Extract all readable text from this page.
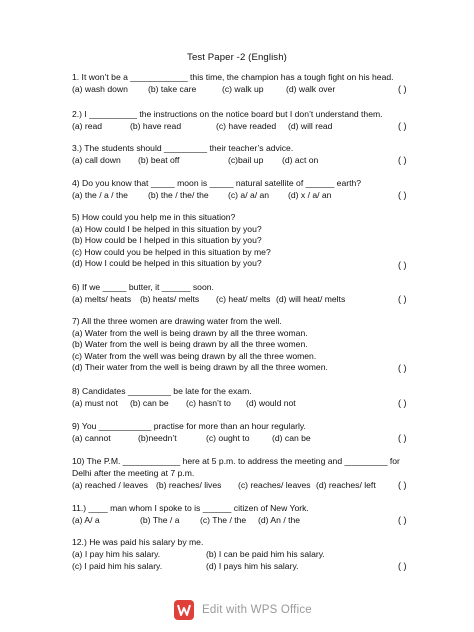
Test Paper -2 (English)
1. It won’t be a ____________ this time, the champion has a tough fight on his head.
(a) wash down (b) take care	(c) walk up	(d) walk over
2.) I __________ the instructions on the notice board but I don’t understand them.
(a) read	(b) have read	(c) have readed (d) will read
3.) The students should _________ their teacher’s advice.
(a) call down (b) beat off	(c)bail up (d) act on
4) Do you know that _____ moon is _____ natural satellite of ______ earth?
(a) the / a / the (b) the / the/ the (c) a/ a/ an (d) x / a/ an
5) How could you help me in this situation?
(a) How could I be helped in this situation by you?
(b) How could be I helped in this situation by you?
(c) How could you be helped in this situation by me?
(d) How I could be helped in this situation by you?
6) If we _____ butter, it ______ soon.
(a) melts/ heats (b) heats/ melts (c) heat/ melts (d) will heat/ melts
7) All the three women are drawing water from the well.
(a) Water from the well is being drawn by all the three woman.
(b) Water from the well is being drawn by all the three women.
(c) Water from the well was being drawn by all the three women.
(d) Their water from the well is being drawn by all the three women.
8) Candidates _________ be late for the exam.
(a) must not (b) can be (c) hasn’t to (d) would not
9) You ___________ practise for more than an hour regularly.
(a) cannot	(b)needn’t	(c) ought to	(d) can be
10) The P.M. ____________ here at 5 p.m. to address the meeting and _________ for
Delhi after the meeting at 7 p.m.
(a) reached / leaves (b) reaches/ lives (c) reaches/ leaves (d) reaches/ left
11.) ____ man whom I spoke to is ______ citizen of New York.
(a) A/ a	(b) The / a (c) The / the (d) An / the
12.) He was paid his salary by me.
(a) I pay him his salary.	(b) I can be paid him his salary.
(c) I paid him his salary.	(d) I pays him his salary.
( )
( )
( )
( )
( )
( )
( )
( )
( )
( )
( )
( )
Edit with WPS Office
